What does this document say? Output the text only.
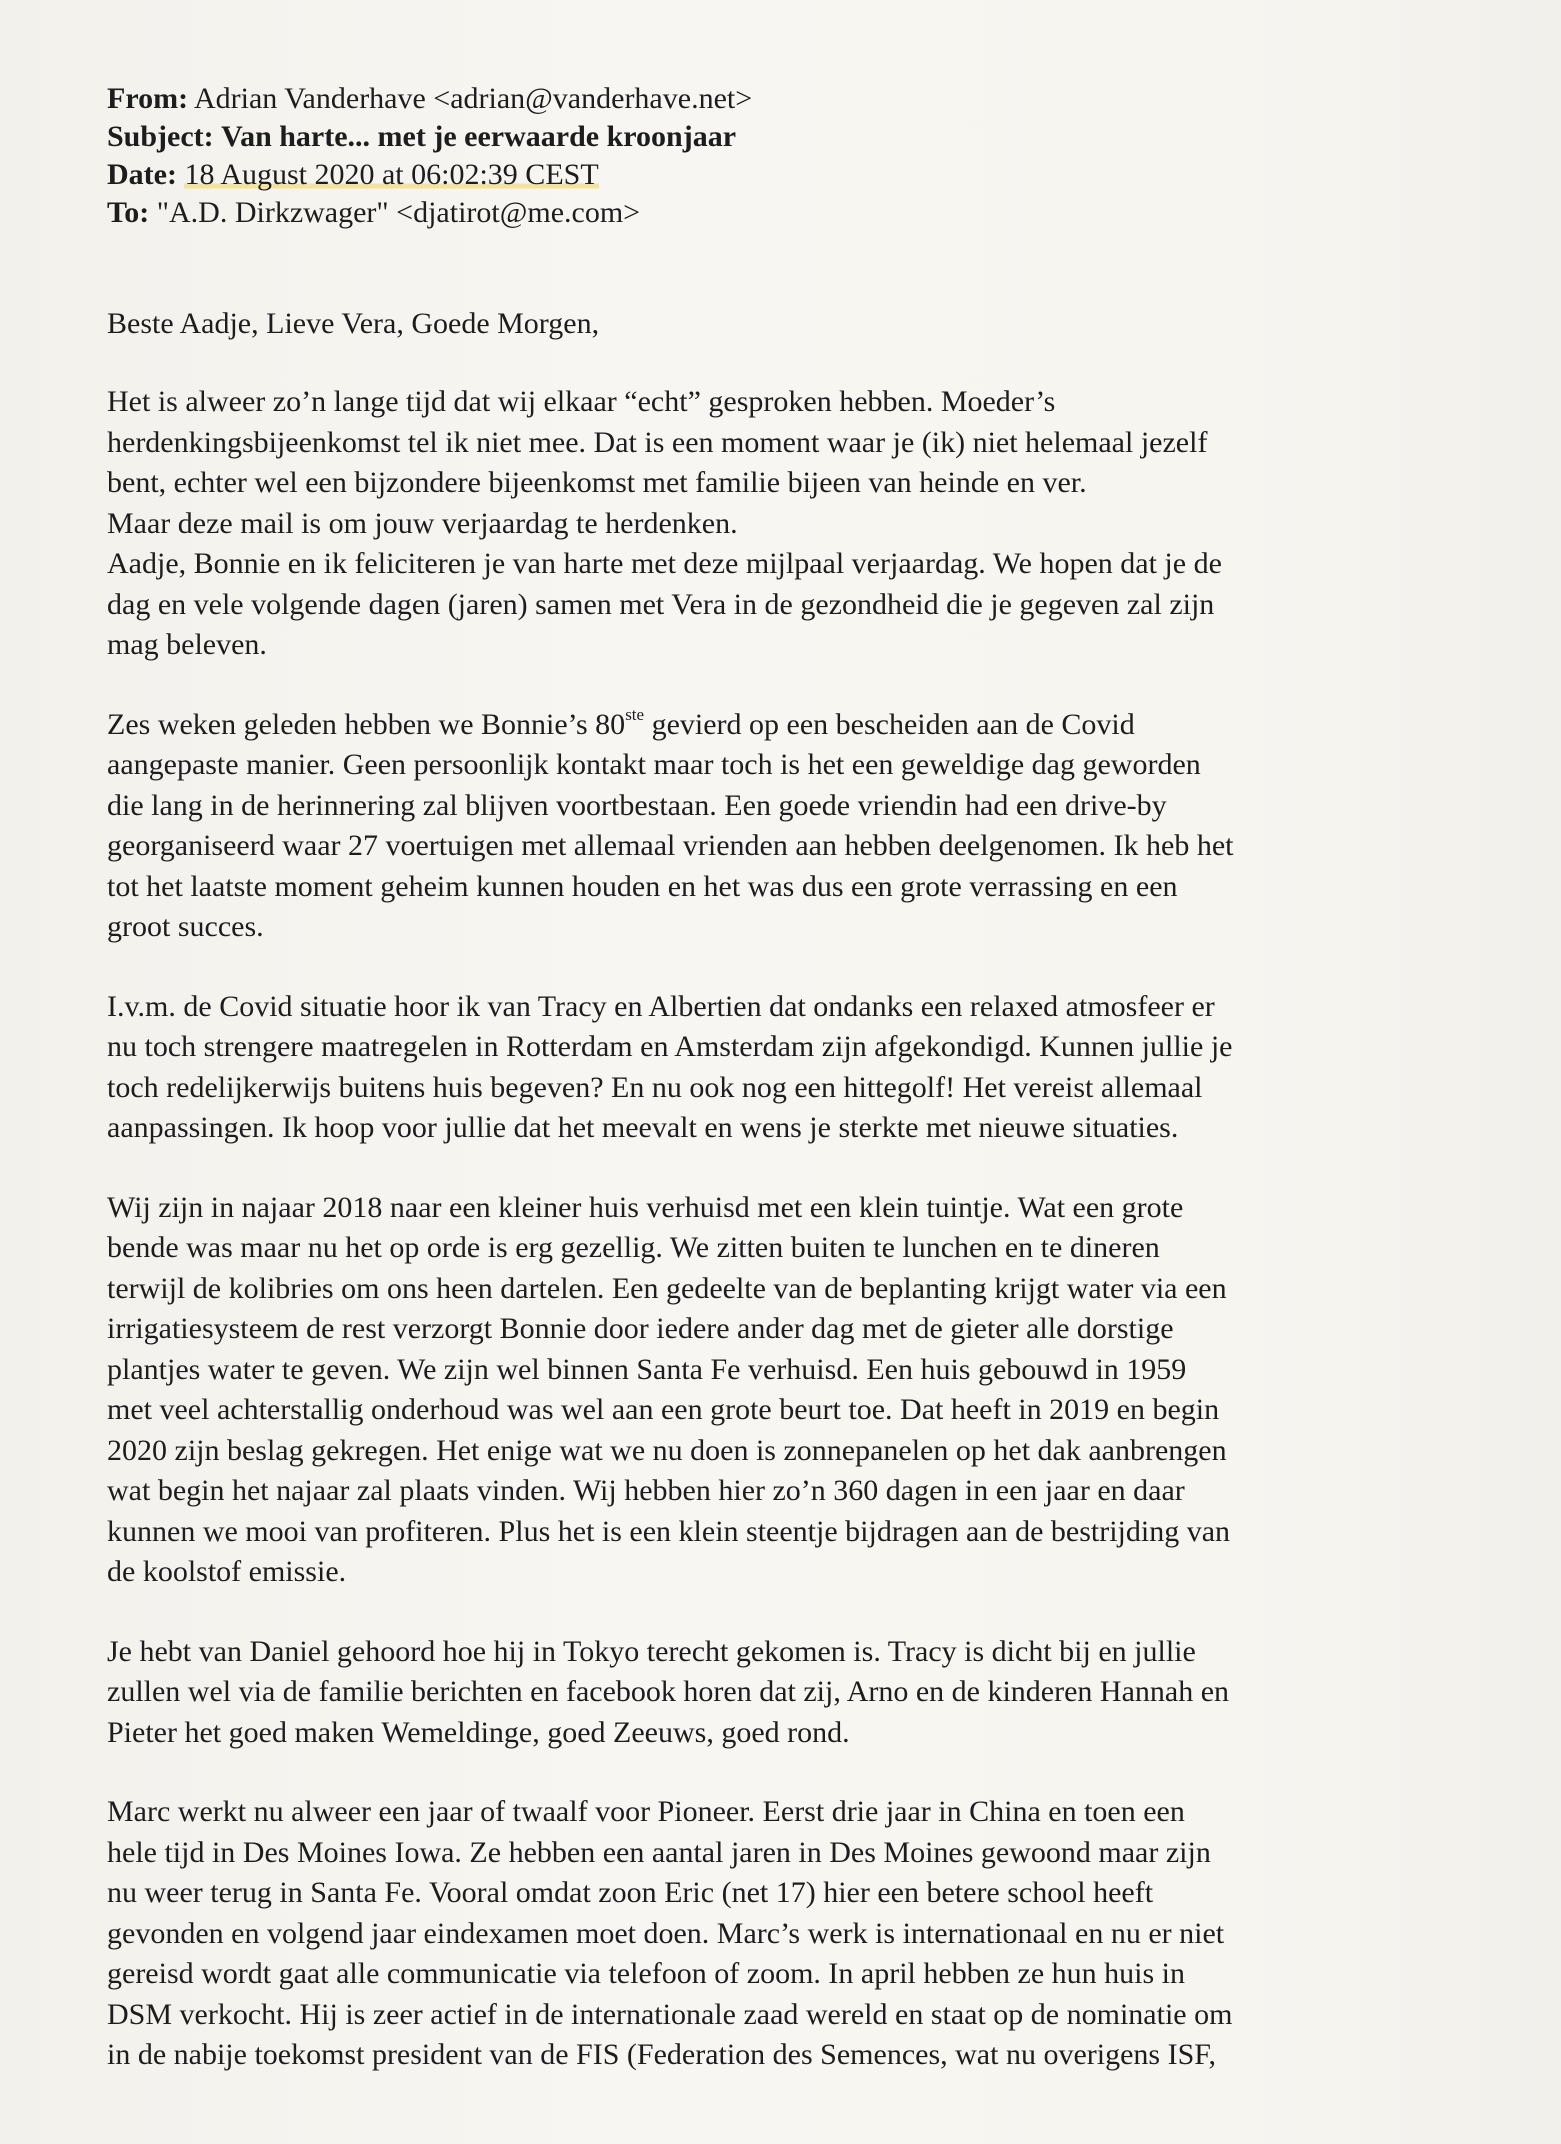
From: Adrian Vanderhave <adrian@vanderhave.net>
Subject: Van harte... met je eerwaarde kroonjaar
Date: 18 August 2020 at 06:02:39 CEST
To: "A.D. Dirkzwager" <djatirot@me.com>
Beste Aadje, Lieve Vera, Goede Morgen,
Het is alweer zo’n lange tijd dat wij elkaar “echt” gesproken hebben. Moeder’s
herdenkingsbijeenkomst tel ik niet mee. Dat is een moment waar je (ik) niet helemaal jezelf
bent, echter wel een bijzondere bijeenkomst met familie bijeen van heinde en ver.
Maar deze mail is om jouw verjaardag te herdenken.
Aadje, Bonnie en ik feliciteren je van harte met deze mijlpaal verjaardag. We hopen dat je de
dag en vele volgende dagen (jaren) samen met Vera in de gezondheid die je gegeven zal zijn
mag beleven.
Zes weken geleden hebben we Bonnie’s 80ste gevierd op een bescheiden aan de Covid
aangepaste manier. Geen persoonlijk kontakt maar toch is het een geweldige dag geworden
die lang in de herinnering zal blijven voortbestaan. Een goede vriendin had een drive-by
georganiseerd waar 27 voertuigen met allemaal vrienden aan hebben deelgenomen. Ik heb het
tot het laatste moment geheim kunnen houden en het was dus een grote verrassing en een
groot succes.
I.v.m. de Covid situatie hoor ik van Tracy en Albertien dat ondanks een relaxed atmosfeer er
nu toch strengere maatregelen in Rotterdam en Amsterdam zijn afgekondigd. Kunnen jullie je
toch redelijkerwijs buitens huis begeven? En nu ook nog een hittegolf! Het vereist allemaal
aanpassingen. Ik hoop voor jullie dat het meevalt en wens je sterkte met nieuwe situaties.
Wij zijn in najaar 2018 naar een kleiner huis verhuisd met een klein tuintje. Wat een grote
bende was maar nu het op orde is erg gezellig. We zitten buiten te lunchen en te dineren
terwijl de kolibries om ons heen dartelen. Een gedeelte van de beplanting krijgt water via een
irrigatiesysteem de rest verzorgt Bonnie door iedere ander dag met de gieter alle dorstige
plantjes water te geven. We zijn wel binnen Santa Fe verhuisd. Een huis gebouwd in 1959
met veel achterstallig onderhoud was wel aan een grote beurt toe. Dat heeft in 2019 en begin
2020 zijn beslag gekregen. Het enige wat we nu doen is zonnepanelen op het dak aanbrengen
wat begin het najaar zal plaats vinden. Wij hebben hier zo’n 360 dagen in een jaar en daar
kunnen we mooi van profiteren. Plus het is een klein steentje bijdragen aan de bestrijding van
de koolstof emissie.
Je hebt van Daniel gehoord hoe hij in Tokyo terecht gekomen is. Tracy is dicht bij en jullie
zullen wel via de familie berichten en facebook horen dat zij, Arno en de kinderen Hannah en
Pieter het goed maken Wemeldinge, goed Zeeuws, goed rond.
Marc werkt nu alweer een jaar of twaalf voor Pioneer. Eerst drie jaar in China en toen een
hele tijd in Des Moines Iowa. Ze hebben een aantal jaren in Des Moines gewoond maar zijn
nu weer terug in Santa Fe. Vooral omdat zoon Eric (net 17) hier een betere school heeft
gevonden en volgend jaar eindexamen moet doen. Marc’s werk is internationaal en nu er niet
gereisd wordt gaat alle communicatie via telefoon of zoom. In april hebben ze hun huis in
DSM verkocht. Hij is zeer actief in de internationale zaad wereld en staat op de nominatie om
in de nabije toekomst president van de FIS (Federation des Semences, wat nu overigens ISF,
